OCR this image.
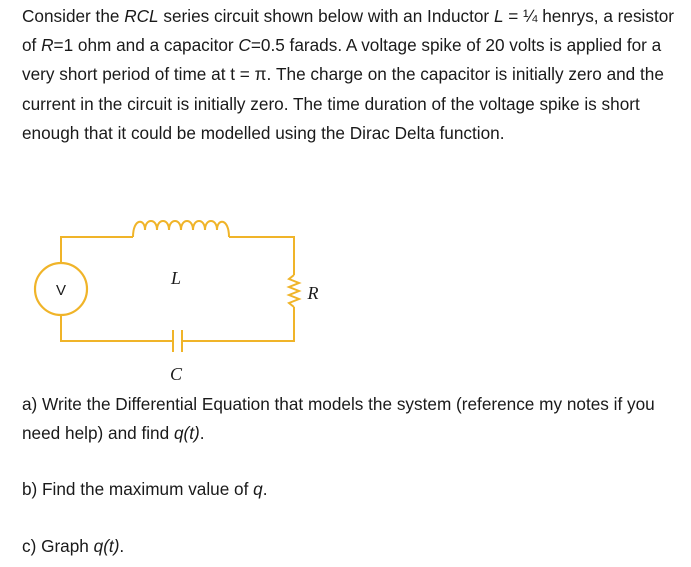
Consider the RCL series circuit shown below with an Inductor L = ¼ henrys, a resistor of R=1 ohm and a capacitor C=0.5 farads. A voltage spike of 20 volts is applied for a very short period of time at t = π. The charge on the capacitor is initially zero and the current in the circuit is initially zero. The time duration of the voltage spike is short enough that it could be modelled using the Dirac Delta function.

V
L
R
C

a) Write the Differential Equation that models the system (reference my notes if you need help) and find q(t).

b) Find the maximum value of q.

c) Graph q(t).
